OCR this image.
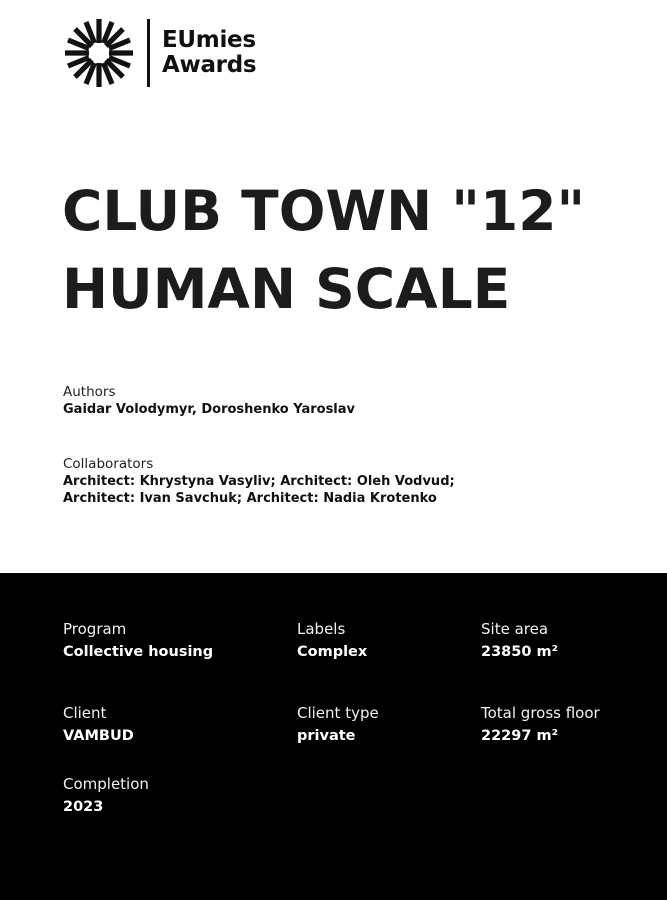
EUmies
Awards
CLUB TOWN "12"
HUMAN SCALE
Authors
Gaidar Volodymyr, Doroshenko Yaroslav
Collaborators
Architect: Khrystyna Vasyliv; Architect: Oleh Vodvud;
Architect: Ivan Savchuk; Architect: Nadia Krotenko
Program
Collective housing
Labels
Complex
Site area
23850 m²
Client
VAMBUD
Client type
private
Total gross floor
22297 m²
Completion
2023
